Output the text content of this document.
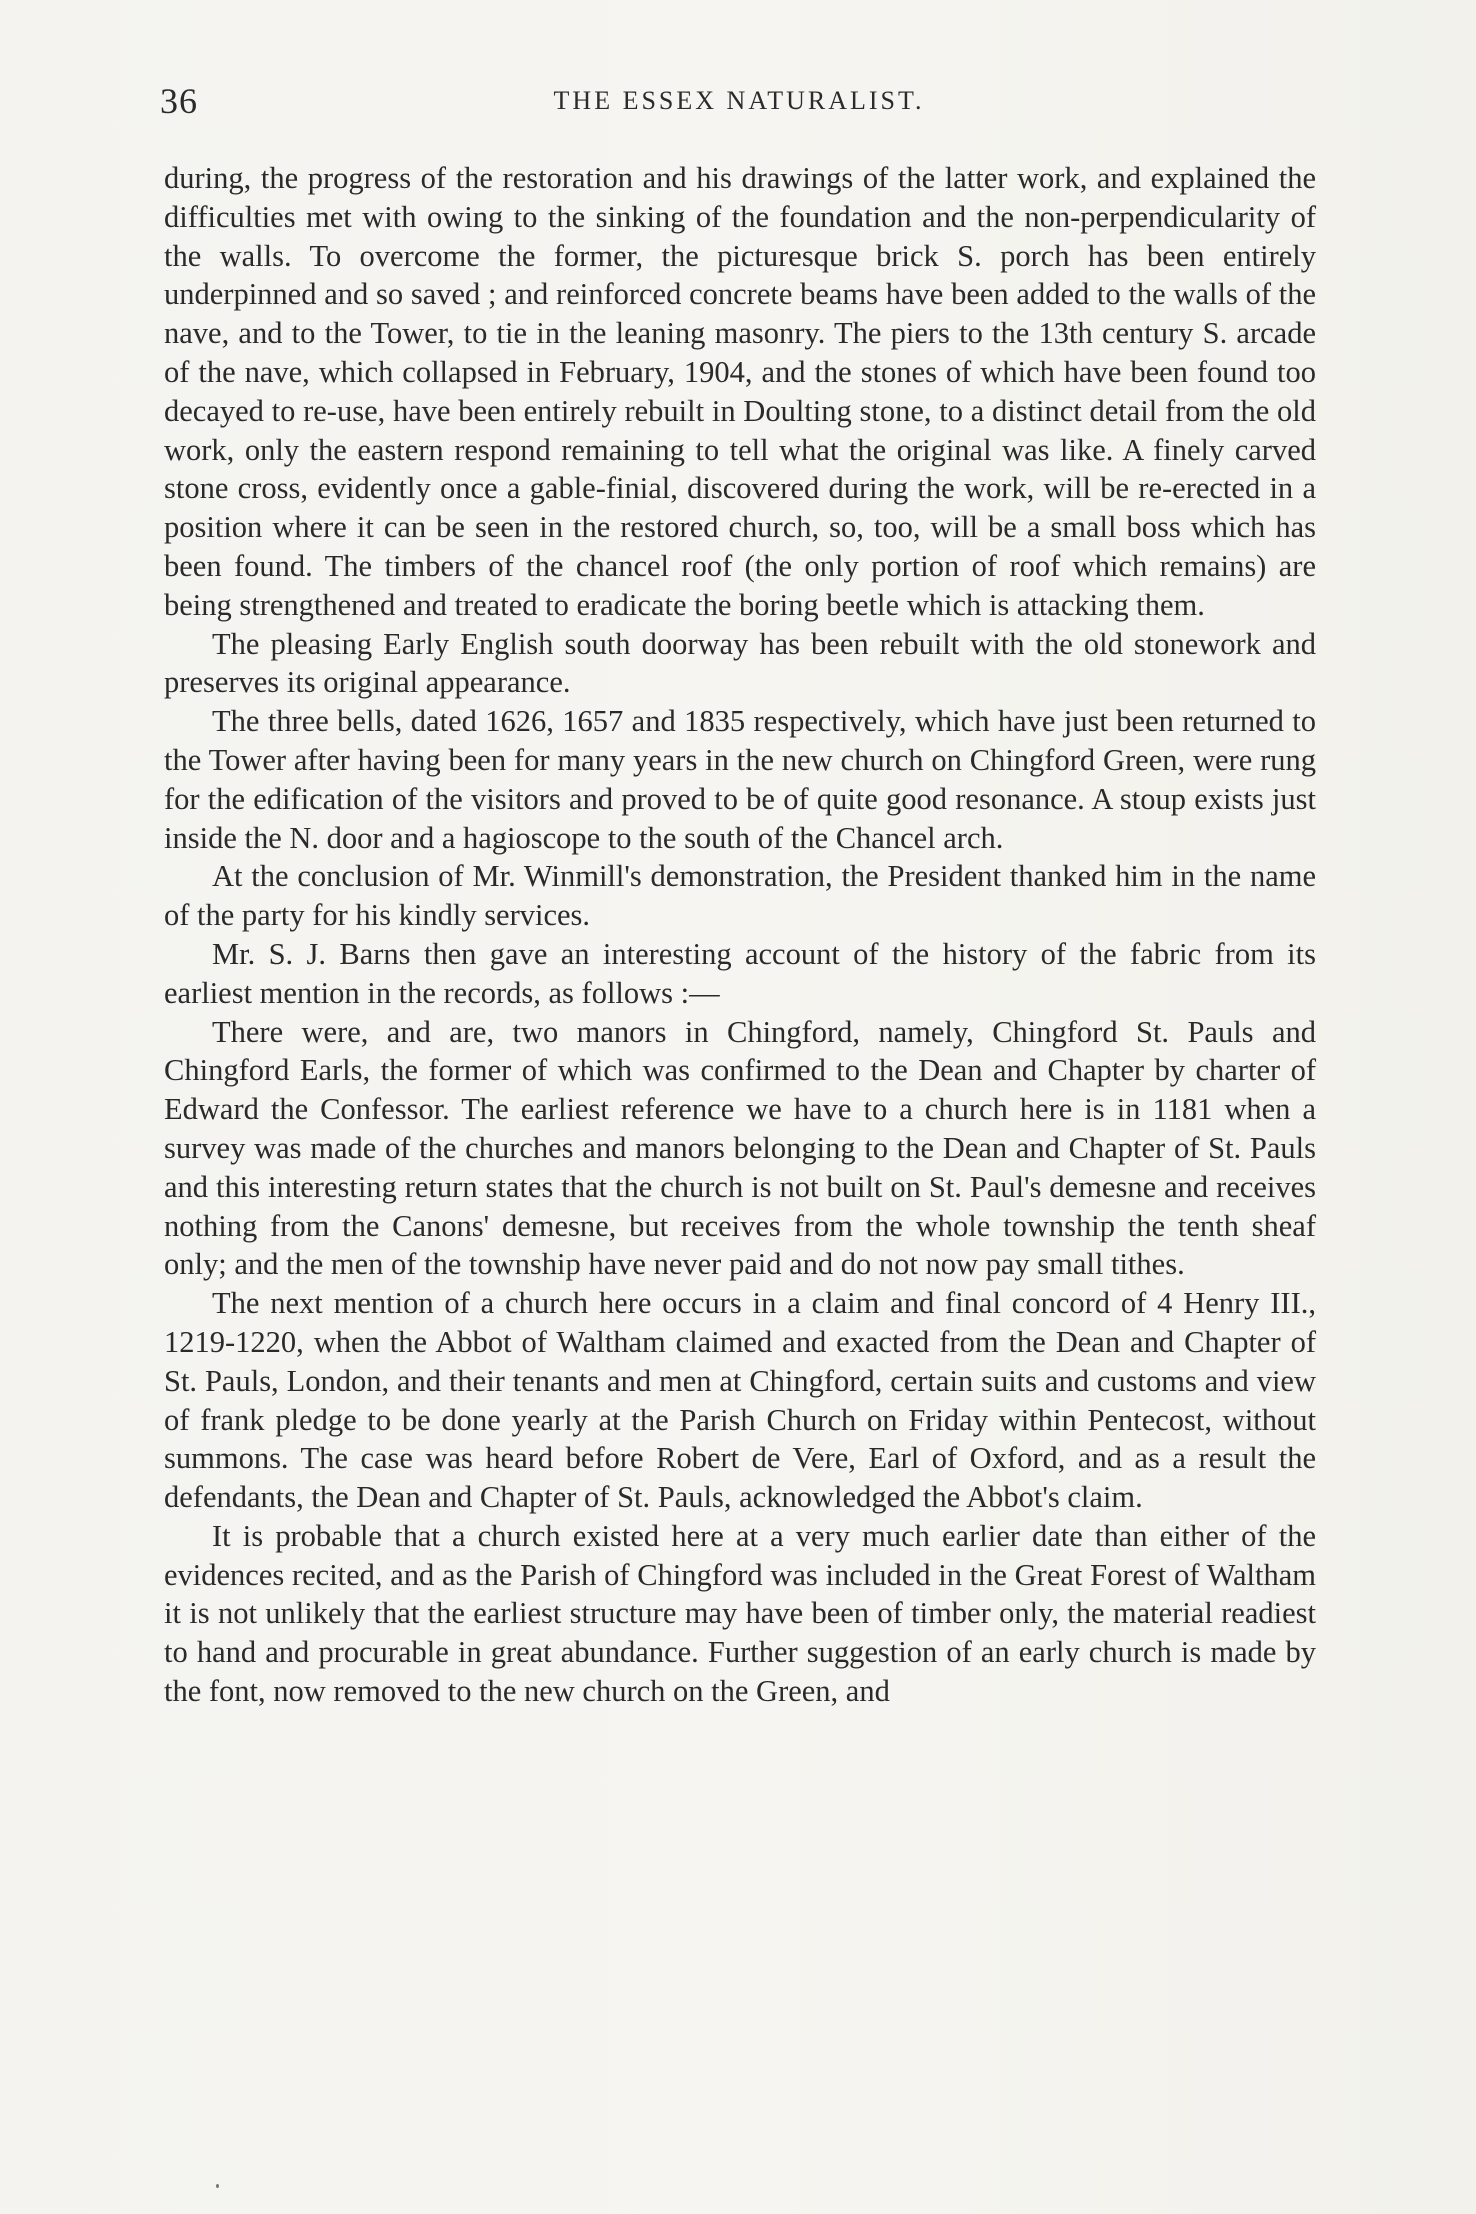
36	THE ESSEX NATURALIST.

during, the progress of the restoration and his drawings of the latter work, and explained the difficulties met with owing to the sinking of the foundation and the non-perpendicularity of the walls. To overcome the former, the picturesque brick S. porch has been entirely underpinned and so saved ; and reinforced concrete beams have been added to the walls of the nave, and to the Tower, to tie in the leaning masonry. The piers to the 13th century S. arcade of the nave, which collapsed in February, 1904, and the stones of which have been found too decayed to re-use, have been entirely rebuilt in Doulting stone, to a distinct detail from the old work, only the eastern respond remaining to tell what the original was like. A finely carved stone cross, evidently once a gable-finial, discovered during the work, will be re-erected in a position where it can be seen in the restored church, so, too, will be a small boss which has been found. The timbers of the chancel roof (the only portion of roof which remains) are being strengthened and treated to eradicate the boring beetle which is attacking them.

The pleasing Early English south doorway has been rebuilt with the old stonework and preserves its original appearance.

The three bells, dated 1626, 1657 and 1835 respectively, which have just been returned to the Tower after having been for many years in the new church on Chingford Green, were rung for the edification of the visitors and proved to be of quite good resonance. A stoup exists just inside the N. door and a hagioscope to the south of the Chancel arch.

At the conclusion of Mr. Winmill's demonstration, the President thanked him in the name of the party for his kindly services.

Mr. S. J. Barns then gave an interesting account of the history of the fabric from its earliest mention in the records, as follows :—

There were, and are, two manors in Chingford, namely, Chingford St. Pauls and Chingford Earls, the former of which was confirmed to the Dean and Chapter by charter of Edward the Confessor. The earliest reference we have to a church here is in 1181 when a survey was made of the churches and manors belonging to the Dean and Chapter of St. Pauls and this interesting return states that the church is not built on St. Paul's demesne and receives nothing from the Canons' demesne, but receives from the whole township the tenth sheaf only; and the men of the township have never paid and do not now pay small tithes.

The next mention of a church here occurs in a claim and final concord of 4 Henry III., 1219-1220, when the Abbot of Waltham claimed and exacted from the Dean and Chapter of St. Pauls, London, and their tenants and men at Chingford, certain suits and customs and view of frank pledge to be done yearly at the Parish Church on Friday within Pentecost, without summons. The case was heard before Robert de Vere, Earl of Oxford, and as a result the defendants, the Dean and Chapter of St. Pauls, acknowledged the Abbot's claim.

It is probable that a church existed here at a very much earlier date than either of the evidences recited, and as the Parish of Chingford was included in the Great Forest of Waltham it is not unlikely that the earliest structure may have been of timber only, the material readiest to hand and procurable in great abundance. Further suggestion of an early church is made by the font, now removed to the new church on the Green, and
